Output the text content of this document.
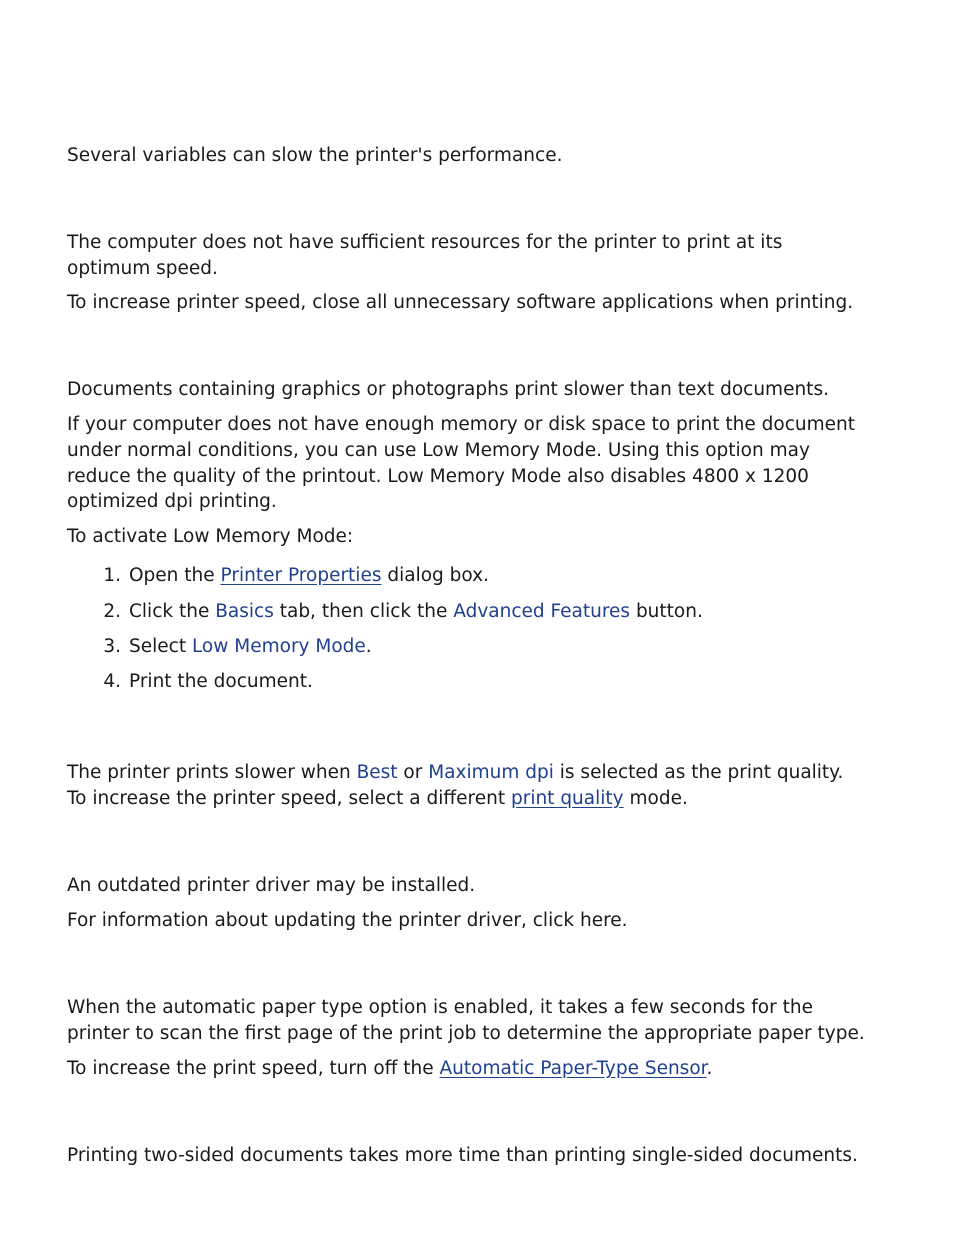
Several variables can slow the printer's performance.
The computer does not have sufficient resources for the printer to print at its
optimum speed.
To increase printer speed, close all unnecessary software applications when printing.
Documents containing graphics or photographs print slower than text documents.
If your computer does not have enough memory or disk space to print the document
under normal conditions, you can use Low Memory Mode. Using this option may
reduce the quality of the printout. Low Memory Mode also disables 4800 x 1200
optimized dpi printing.
To activate Low Memory Mode:
1. Open the Printer Properties dialog box.
2. Click the Basics tab, then click the Advanced Features button.
3. Select Low Memory Mode.
4. Print the document.
The printer prints slower when Best or Maximum dpi is selected as the print quality.
To increase the printer speed, select a different print quality mode.
An outdated printer driver may be installed.
For information about updating the printer driver, click here.
When the automatic paper type option is enabled, it takes a few seconds for the
printer to scan the first page of the print job to determine the appropriate paper type.
To increase the print speed, turn off the Automatic Paper-Type Sensor.
Printing two-sided documents takes more time than printing single-sided documents.
